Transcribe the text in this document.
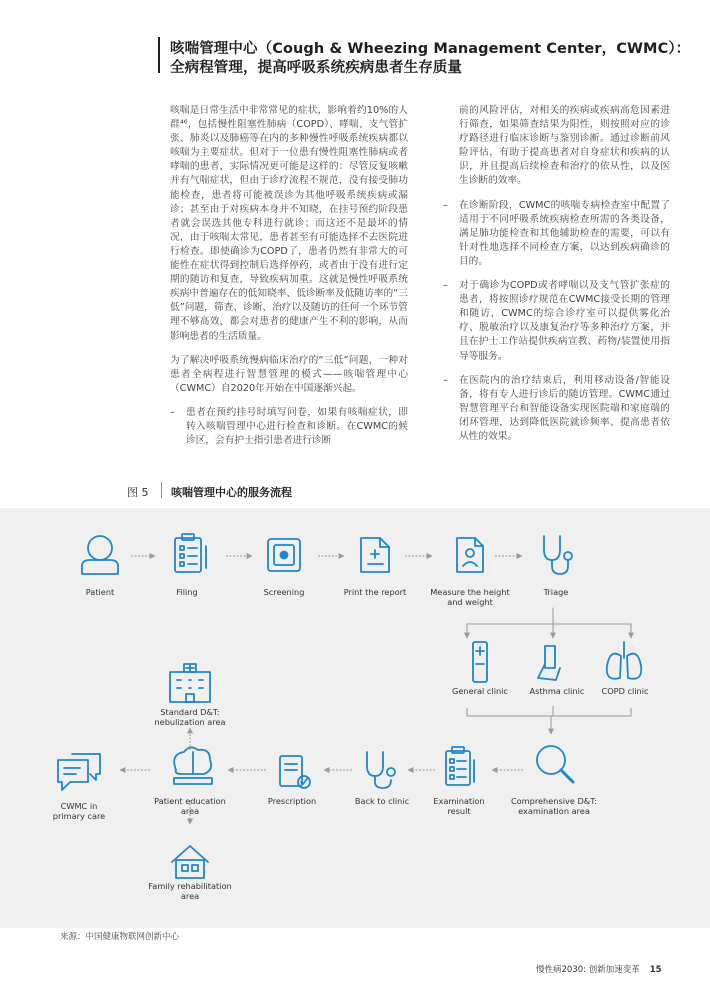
咳喘管理中心（Cough & Wheezing Management Center，CWMC）：
全病程管理，提高呼吸系统疾病患者生存质量

咳喘是日常生活中非常常见的症状，影响着约10%的人群⁴⁶，包括慢性阻塞性肺病（COPD）、哮喘、支气管扩张、肺炎以及肺癌等在内的多种慢性呼吸系统疾病都以咳喘为主要症状。但对于一位患有慢性阻塞性肺病或者哮喘的患者，实际情况更可能是这样的：尽管反复咳嗽并有气喘症状，但由于诊疗流程不规范，没有接受肺功能检查，患者将可能被误诊为其他呼吸系统疾病或漏诊；甚至由于对疾病本身并不知晓，在挂号预约阶段患者就会误选其他专科进行就诊；而这还不是最坏的情况，由于咳喘太常见，患者甚至有可能选择不去医院进行检查。即使确诊为COPD了，患者仍然有非常大的可能性在症状得到控制后选择停药，或者由于没有进行定期的随访和复查，导致疾病加重。这就是慢性呼吸系统疾病中普遍存在的低知晓率、低诊断率及低随访率的“三低”问题，筛查、诊断、治疗以及随访的任何一个环节管理不够高效，都会对患者的健康产生不利的影响，从而影响患者的生活质量。

为了解决呼吸系统慢病临床治疗的“三低”问题，一种对患者全病程进行智慧管理的模式——咳喘管理中心（CWMC）自2020年开始在中国逐渐兴起。

– 患者在预约挂号时填写问卷，如果有咳喘症状，即转入咳喘管理中心进行检查和诊断。在CWMC的候诊区，会有护士指引患者进行诊断
前的风险评估，对相关的疾病或疾病高危因素进行筛查，如果筛查结果为阳性，则按照对应的诊疗路径进行临床诊断与鉴别诊断。通过诊断前风险评估，有助于提高患者对自身症状和疾病的认识，并且提高后续检查和治疗的依从性，以及医生诊断的效率。
– 在诊断阶段，CWMC的咳喘专病检查室中配置了适用于不同呼吸系统疾病检查所需的各类设备，满足肺功能检查和其他辅助检查的需要，可以有针对性地选择不同检查方案，以达到疾病确诊的目的。
– 对于确诊为COPD或者哮喘以及支气管扩张症的患者，将按照诊疗规范在CWMC接受长期的管理和随访，CWMC的综合诊疗室可以提供雾化治疗、脱敏治疗以及康复治疗等多种治疗方案，并且在护士工作站提供疾病宣教、药物/装置使用指导等服务。
– 在医院内的治疗结束后，利用移动设备/智能设备，将有专人进行诊后的随访管理。CWMC通过智慧管理平台和智能设备实现医院端和家庭端的闭环管理，达到降低医院就诊频率、提高患者依从性的效果。
图 5 咳喘管理中心的服务流程
Patient	Filing	Screening	Print the report	Measure the height
and weight
Triage
General clinic	Asthma clinic	COPD clinic
Standard D&T:
nebulization area
CWMC in
primary care
Patient education
area
Prescription	Back to clinic	Examination
result
Comprehensive D&T:
examination area
Family rehabilitation
area
来源：中国健康物联网创新中心
慢性病2030: 创新加速变革 15
